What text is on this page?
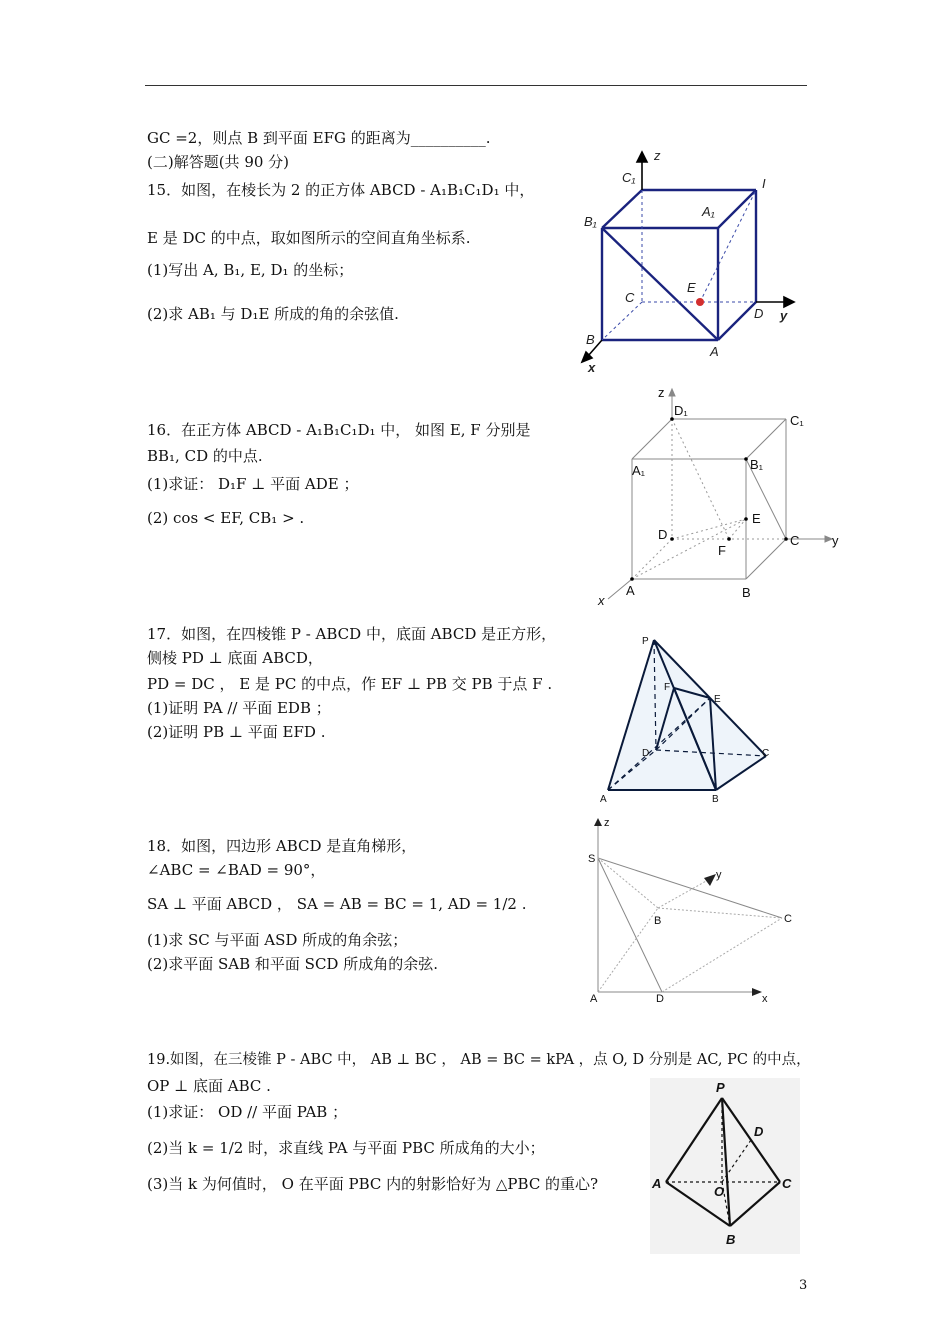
GC =2，则点 B 到平面 EFG 的距离为__________.
(二)解答题(共 90 分)
15．如图，在棱长为 2 的正方体 ABCD - A₁B₁C₁D₁ 中，
E 是 DC 的中点，取如图所示的空间直角坐标系.
(1)写出 A, B₁, E, D₁ 的坐标；
(2)求 AB₁ 与 D₁E 所成的角的余弦值.
16．在正方体 ABCD - A₁B₁C₁D₁ 中， 如图 E, F 分别是
BB₁, CD 的中点.
(1)求证： D₁F ⊥ 平面 ADE ；
(2) cos < EF, CB₁ > .
17．如图，在四棱锥 P - ABCD 中，底面 ABCD 是正方形，
侧棱 PD ⊥ 底面 ABCD，
PD = DC ， E 是 PC 的中点，作 EF ⊥ PB 交 PB 于点 F .
(1)证明 PA // 平面 EDB ；
(2)证明 PB ⊥ 平面 EFD .
18．如图，四边形 ABCD 是直角梯形，
∠ABC = ∠BAD = 90°，
SA ⊥ 平面 ABCD ， SA = AB = BC = 1, AD = 1/2 .
(1)求 SC 与平面 ASD 所成的角余弦；
(2)求平面 SAB 和平面 SCD 所成角的余弦.
19.如图，在三棱锥 P - ABC 中， AB ⊥ BC ， AB = BC = kPA ，点 O, D 分别是 AC, PC 的中点，
OP ⊥ 底面 ABC .
(1)求证： OD // 平面 PAB ；
(2)当 k = 1/2 时，求直线 PA 与平面 PBC 所成角的大小；
(3)当 k 为何值时， O 在平面 PBC 内的射影恰好为 △PBC 的重心?
z
C₁	I
A₁
B₁
C
E
D y
B
A
x
z
D₁
C₁
A₁	B₁
E
D
F
C	y
x
A	B
P
F
E
D	C
A	B
z
S
y
B	C
A	D	x
P
D
A
O
C
B
3
